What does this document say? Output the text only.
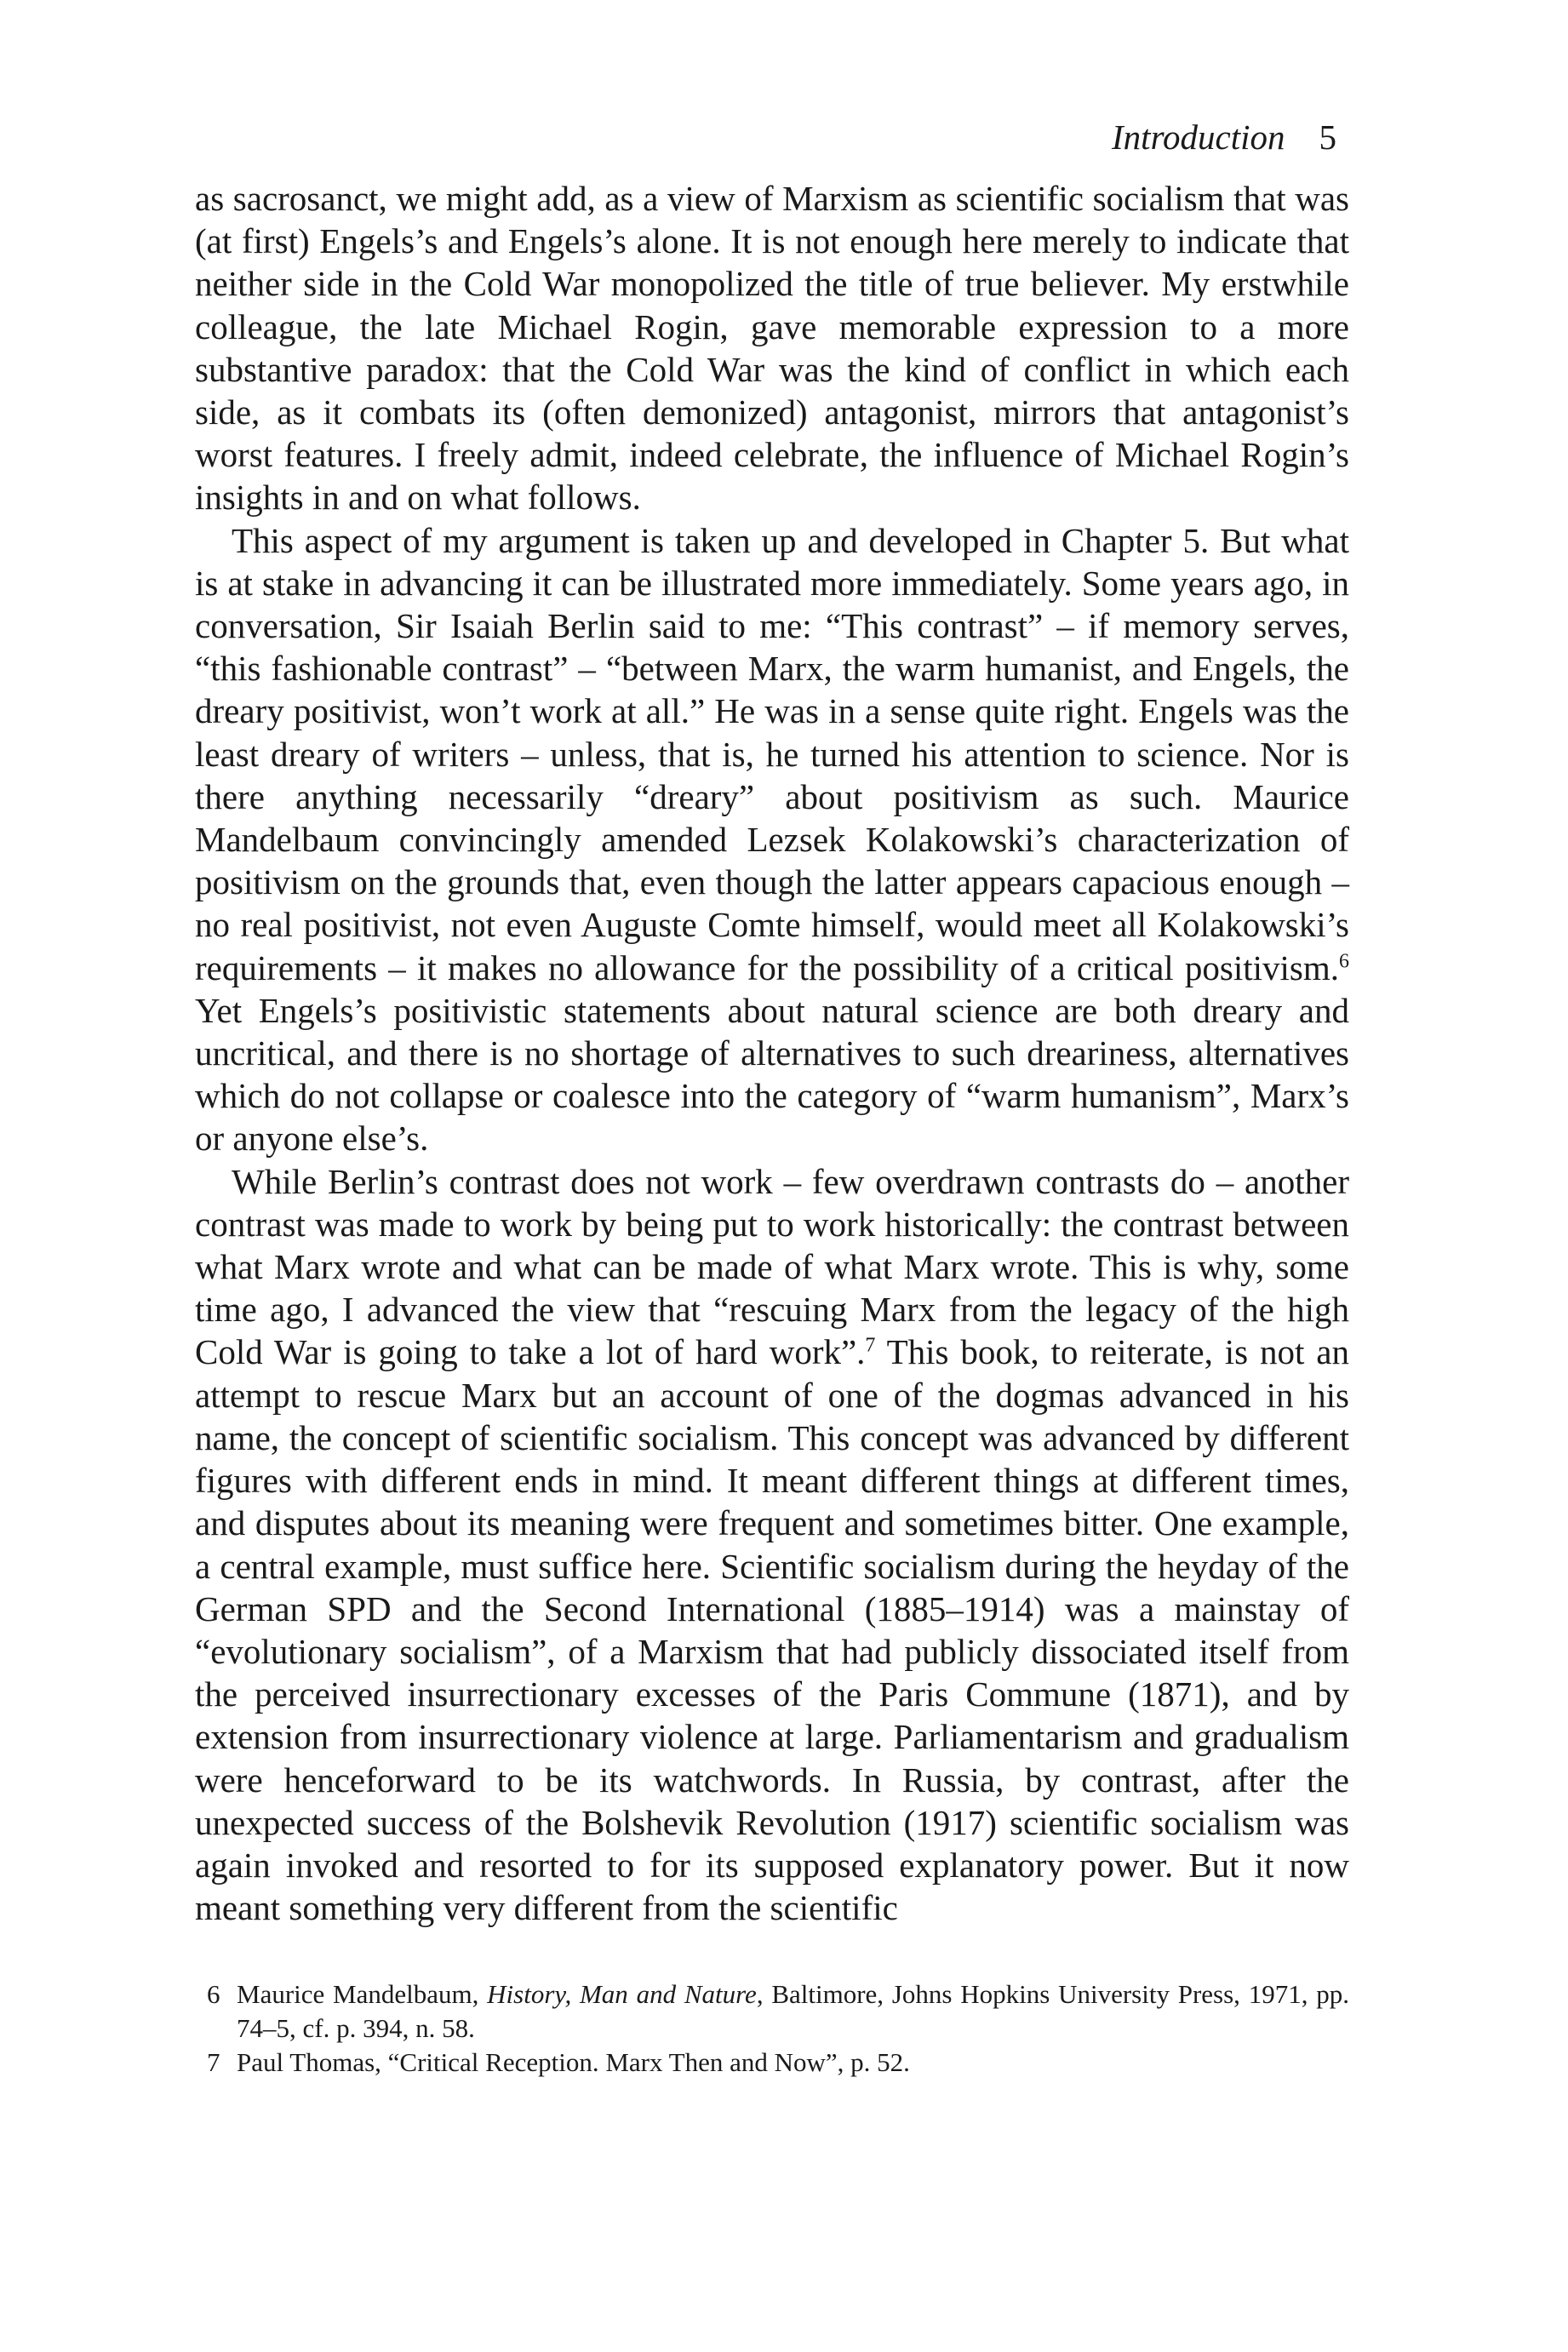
Introduction 5

as sacrosanct, we might add, as a view of Marxism as scientific socialism that was (at first) Engels’s and Engels’s alone. It is not enough here merely to indicate that neither side in the Cold War monopolized the title of true believer. My erstwhile colleague, the late Michael Rogin, gave memorable expression to a more substantive paradox: that the Cold War was the kind of conflict in which each side, as it combats its (often demonized) antagonist, mirrors that antagonist’s worst features. I freely admit, indeed celebrate, the influence of Michael Rogin’s insights in and on what follows.

This aspect of my argument is taken up and developed in Chapter 5. But what is at stake in advancing it can be illustrated more immediately. Some years ago, in conversation, Sir Isaiah Berlin said to me: “This contrast” – if memory serves, “this fashionable contrast” – “between Marx, the warm humanist, and Engels, the dreary positivist, won’t work at all.” He was in a sense quite right. Engels was the least dreary of writers – unless, that is, he turned his attention to science. Nor is there anything necessarily “dreary” about positivism as such. Maurice Mandelbaum convincingly amended Lezsek Kolakowski’s characterization of positivism on the grounds that, even though the latter appears capacious enough – no real positivist, not even Auguste Comte himself, would meet all Kolakowski’s requirements – it makes no allowance for the possibility of a critical positivism.$^6$ Yet Engels’s positivistic statements about natural science are both dreary and uncritical, and there is no shortage of alternatives to such dreariness, alternatives which do not collapse or coalesce into the category of “warm humanism”, Marx’s or anyone else’s.

While Berlin’s contrast does not work – few overdrawn contrasts do – another contrast was made to work by being put to work historically: the contrast between what Marx wrote and what can be made of what Marx wrote. This is why, some time ago, I advanced the view that “rescuing Marx from the legacy of the high Cold War is going to take a lot of hard work”.$^7$ This book, to reiterate, is not an attempt to rescue Marx but an account of one of the dogmas advanced in his name, the concept of scientific socialism. This concept was advanced by different figures with different ends in mind. It meant different things at different times, and disputes about its meaning were frequent and sometimes bitter. One example, a central example, must suffice here. Scientific socialism during the heyday of the German SPD and the Second International (1885–1914) was a mainstay of “evolutionary socialism”, of a Marxism that had publicly dissociated itself from the perceived insurrectionary excesses of the Paris Commune (1871), and by extension from insurrectionary violence at large. Parliamentarism and gradualism were henceforward to be its watchwords. In Russia, by contrast, after the unexpected success of the Bolshevik Revolution (1917) scientific socialism was again invoked and resorted to for its supposed explanatory power. But it now meant something very different from the scientific

6 Maurice Mandelbaum, History, Man and Nature, Baltimore, Johns Hopkins University Press, 1971, pp. 74–5, cf. p. 394, n. 58.

7 Paul Thomas, “Critical Reception. Marx Then and Now”, p. 52.
